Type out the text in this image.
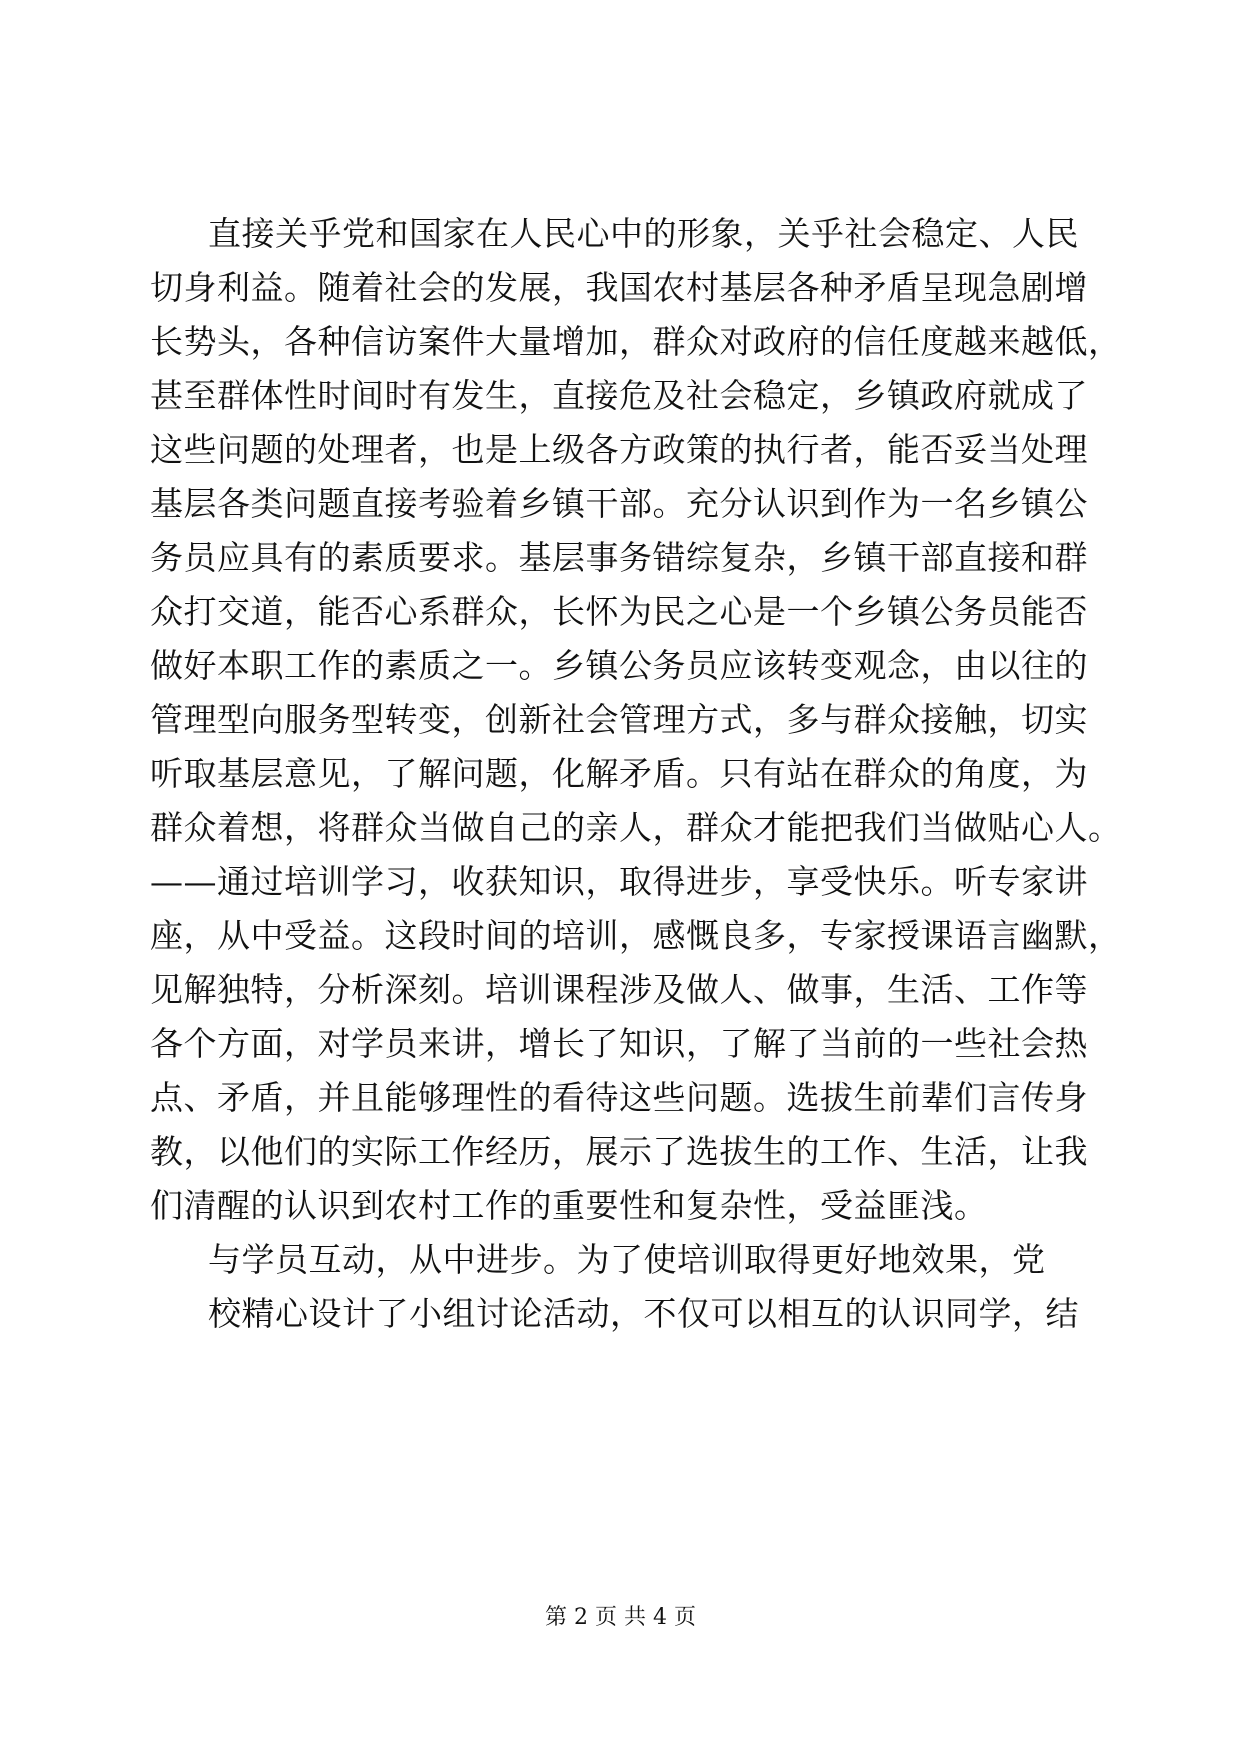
直接关乎党和国家在人民心中的形象，关乎社会稳定、人民
切身利益。随着社会的发展，我国农村基层各种矛盾呈现急剧增
长势头，各种信访案件大量增加，群众对政府的信任度越来越低，
甚至群体性时间时有发生，直接危及社会稳定，乡镇政府就成了
这些问题的处理者，也是上级各方政策的执行者，能否妥当处理
基层各类问题直接考验着乡镇干部。充分认识到作为一名乡镇公
务员应具有的素质要求。基层事务错综复杂，乡镇干部直接和群
众打交道，能否心系群众，长怀为民之心是一个乡镇公务员能否
做好本职工作的素质之一。乡镇公务员应该转变观念，由以往的
管理型向服务型转变，创新社会管理方式，多与群众接触，切实
听取基层意见，了解问题，化解矛盾。只有站在群众的角度，为
群众着想，将群众当做自己的亲人，群众才能把我们当做贴心人。
——通过培训学习，收获知识，取得进步，享受快乐。听专家讲
座，从中受益。这段时间的培训，感慨良多，专家授课语言幽默，
见解独特，分析深刻。培训课程涉及做人、做事，生活、工作等
各个方面，对学员来讲，增长了知识，了解了当前的一些社会热
点、矛盾，并且能够理性的看待这些问题。选拔生前辈们言传身
教，以他们的实际工作经历，展示了选拔生的工作、生活，让我
们清醒的认识到农村工作的重要性和复杂性，受益匪浅。
与学员互动，从中进步。为了使培训取得更好地效果，党
校精心设计了小组讨论活动，不仅可以相互的认识同学，结
第 2 页 共 4 页
